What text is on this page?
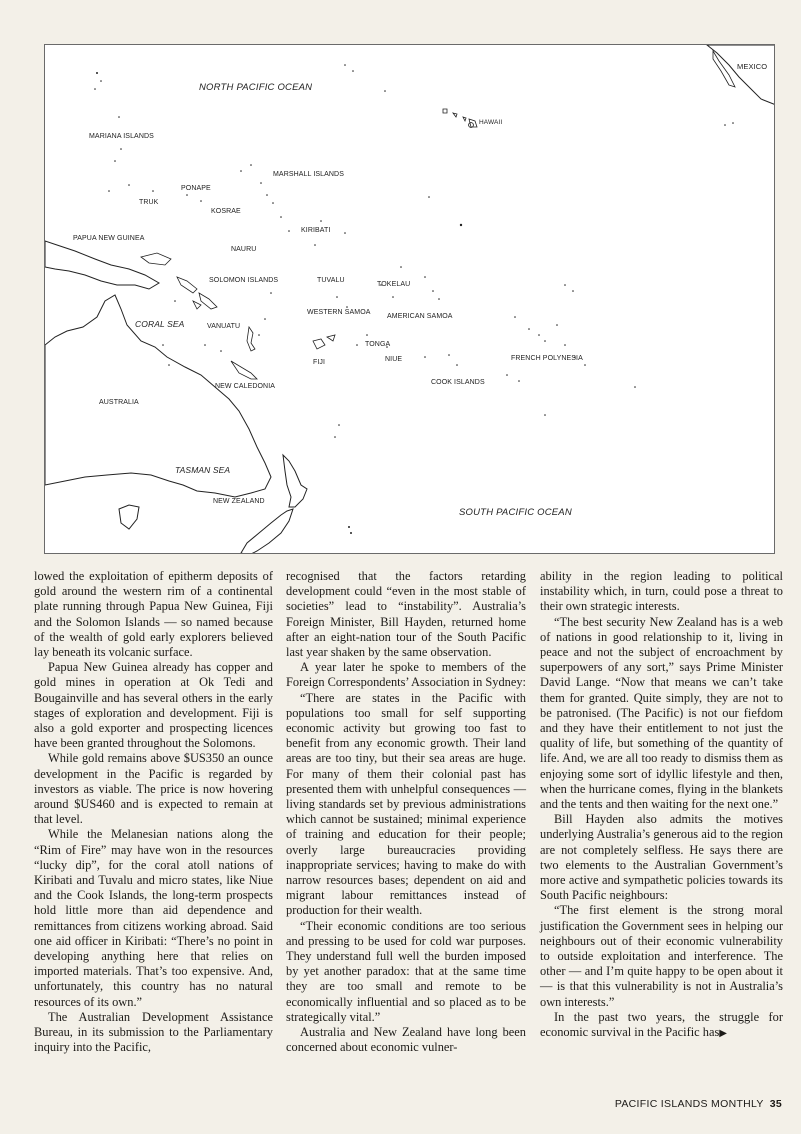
NORTH PACIFIC OCEAN
SOUTH PACIFIC OCEAN
MEXICO
HAWAII
MARIANA ISLANDS
MARSHALL ISLANDS
PONAPE
TRUK
KOSRAE
KIRIBATI
PAPUA NEW GUINEA
NAURU
SOLOMON ISLANDS	TUVALU
TOKELAU
CORAL SEA	VANUATU
WESTERN SAMOA
AMERICAN SAMOA
TONGA
FIJI	NIUE	FRENCH POLYNESIA
NEW CALEDONIA
COOK ISLANDS
AUSTRALIA
TASMAN SEA
NEW ZEALAND

lowed the exploitation of epitherm deposits of gold around the western rim of a continental plate running through Papua New Guinea, Fiji and the Solomon Islands — so named because of the wealth of gold early explorers believed lay beneath its volcanic surface.

Papua New Guinea already has copper and gold mines in operation at Ok Tedi and Bougainville and has several others in the early stages of exploration and development. Fiji is also a gold exporter and prospecting licences have been granted throughout the Solomons.

While gold remains above $US350 an ounce development in the Pacific is regarded by investors as viable. The price is now hovering around $US460 and is expected to remain at that level.

While the Melanesian nations along the “Rim of Fire” may have won in the resources “lucky dip”, for the coral atoll nations of Kiribati and Tuvalu and micro states, like Niue and the Cook Islands, the long-term prospects hold little more than aid dependence and remittances from citizens working abroad. Said one aid officer in Kiribati: “There’s no point in developing anything here that relies on imported materials. That’s too expensive. And, unfortunately, this country has no natural resources of its own.”

The Australian Development Assistance Bureau, in its submission to the Parliamentary inquiry into the Pacific,

recognised that the factors retarding development could “even in the most stable of societies” lead to “instability”. Australia’s Foreign Minister, Bill Hayden, returned home after an eight-nation tour of the South Pacific last year shaken by the same observation.

A year later he spoke to members of the Foreign Correspondents’ Association in Sydney:

“There are states in the Pacific with populations too small for self supporting economic activity but growing too fast to benefit from any economic growth. Their land areas are too tiny, but their sea areas are huge. For many of them their colonial past has presented them with unhelpful consequences — living standards set by previous administrations which cannot be sustained; minimal experience of training and education for their people; overly large bureaucracies providing inappropriate services; having to make do with narrow resources bases; dependent on aid and migrant labour remittances instead of production for their wealth.

“Their economic conditions are too serious and pressing to be used for cold war purposes. They understand full well the burden imposed by yet another paradox: that at the same time they are too small and remote to be economically influential and so placed as to be strategically vital.”

Australia and New Zealand have long been concerned about economic vulner-

ability in the region leading to political instability which, in turn, could pose a threat to their own strategic interests.

“The best security New Zealand has is a web of nations in good relationship to it, living in peace and not the subject of encroachment by superpowers of any sort,” says Prime Minister David Lange. “Now that means we can’t take them for granted. Quite simply, they are not to be patronised. (The Pacific) is not our fiefdom and they have their entitlement to not just the quality of life, but something of the quantity of life. And, we are all too ready to dismiss them as enjoying some sort of idyllic lifestyle and then, when the hurricane comes, flying in the blankets and the tents and then waiting for the next one.”

Bill Hayden also admits the motives underlying Australia’s generous aid to the region are not completely selfless. He says there are two elements to the Australian Government’s more active and sympathetic policies towards its South Pacific neighbours:

“The first element is the strong moral justification the Government sees in helping our neighbours out of their economic vulnerability to outside exploitation and interference. The other — and I’m quite happy to be open about it — is that this vulnerability is not in Australia’s own interests.”

In the past two years, the struggle for economic survival in the Pacific has▶

PACIFIC ISLANDS MONTHLY 35
